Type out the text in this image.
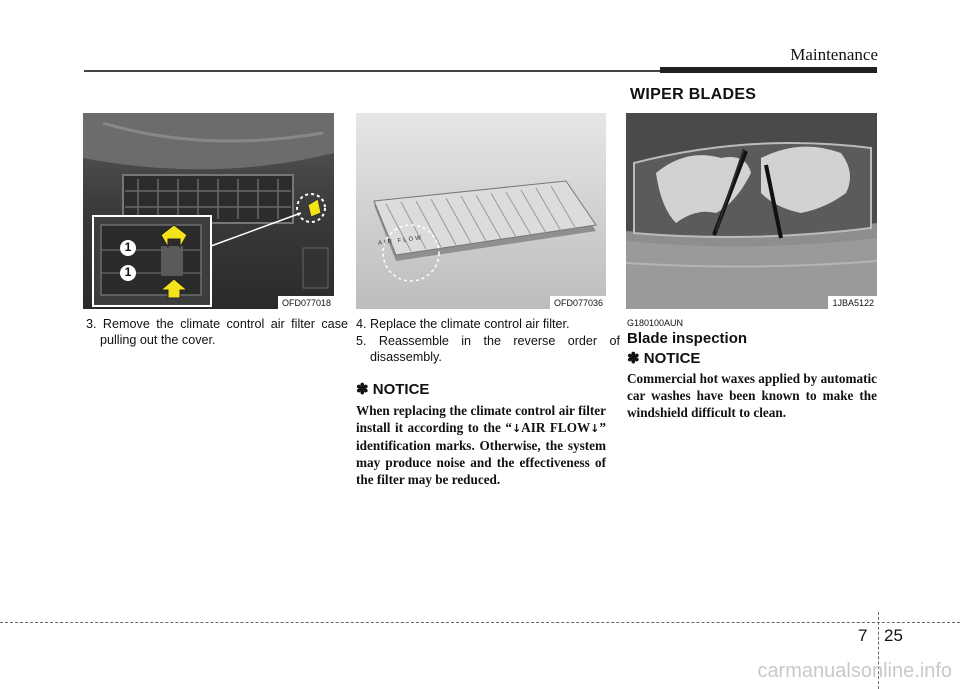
Maintenance
WIPER BLADES
1
1
OFD077018
AIR FLOW
OFD077036	1JBA5122
3. Remove the climate control air filter case pulling out the cover.
4. Replace the climate control air filter.
5. Reassemble in the reverse order of disassembly.
✽ NOTICE
When replacing the climate control air filter install it according to the “↓AIR FLOW↓” identification marks. Otherwise, the system may produce noise and the effectiveness of the filter may be reduced.
G180100AUN
Blade inspection
✽ NOTICE
Commercial hot waxes applied by automatic car washes have been known to make the windshield difficult to clean.
7 25
carmanualsonline.info
